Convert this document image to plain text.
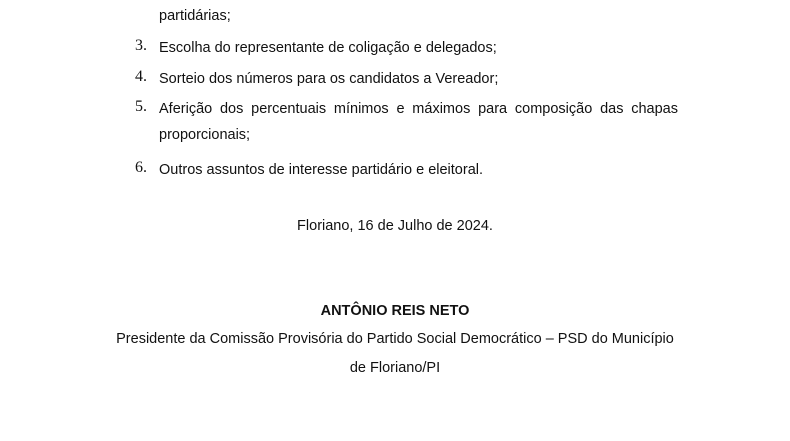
partidárias;
3. Escolha do representante de coligação e delegados;
4. Sorteio dos números para os candidatos a Vereador;
5. Aferição dos percentuais mínimos e máximos para composição das chapas
proporcionais;
6. Outros assuntos de interesse partidário e eleitoral.
Floriano, 16 de Julho de 2024.
ANTÔNIO REIS NETO
Presidente da Comissão Provisória do Partido Social Democrático – PSD do Município
de Floriano/PI
